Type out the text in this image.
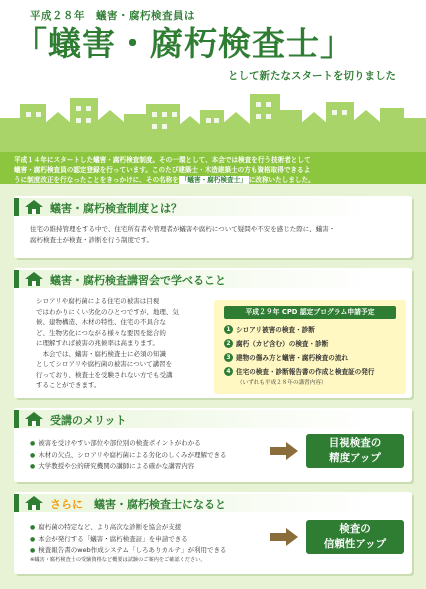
平成２８年　蟻害・腐朽検査員は
「蟻害・腐朽検査士」
として新たなスタートを切りました

平成１４年にスタートした蟻害・腐朽検査制度。その一環として、本会では検査を行う技術者として

蟻害・腐朽検査員の認定登録を行っています。このたび建築士・木造建築士の方も資格取得できるよ

うに制度改正を行なったことをきっかけに、その名称を 「蟻害・腐朽検査士」 に改称いたしました。

蟻害・腐朽検査制度とは？
住宅の維持管理をする中で、住宅所有者や管理者が蟻害や腐朽について疑問や不安を感じた際に、蟻害・
腐朽検査士が検査・診断を行う制度です。
蟻害・腐朽検査講習会で学べること
シロアリや腐朽菌による住宅の被害は目視
ではわかりにくい劣化のひとつですが、地理、気
候、建物構造、木材の特性、住宅の不具合な
ど、生物劣化につながる様々な要因を総合的
に理解すれば被害の兆候率は高まります。
　本会では、蟻害・腐朽検査士に必須の知識
としてシロアリや腐朽菌の被害について講習を
行っており、検査士を受験されない方でも受講
することができます。
平成２９年 CPD 認定プログラム申請予定
1 シロアリ被害の検査・診断
2 腐朽（カビ含む）の検査・診断
3 建物の傷み方と蟻害・腐朽検査の流れ
4 住宅の検査・診断報告書の作成と検査証の発行
（いずれも平成２８年の講習内容）
受講のメリット
● 被害を受けやすい部位や部位別の検査ポイントがわかる
● 木材の欠点、シロアリや腐朽菌による劣化のしくみが理解できる
● 大学教授や公的研究機関の講師による確かな講習内容
目視検査の
精度アップ
さらに　 蟻害・腐朽検査士になると
● 腐朽菌の特定など、より高次な診断を協会が支援
● 本会が発行する「蟻害・腐朽検査証」を申請できる
● 検査報告書のweb作成システム「しろありカルテ」が利用できる
※蟻害・腐朽検査士の受験資格など概要は試験のご案内をご確認ください。
検査の
信頼性アップ
